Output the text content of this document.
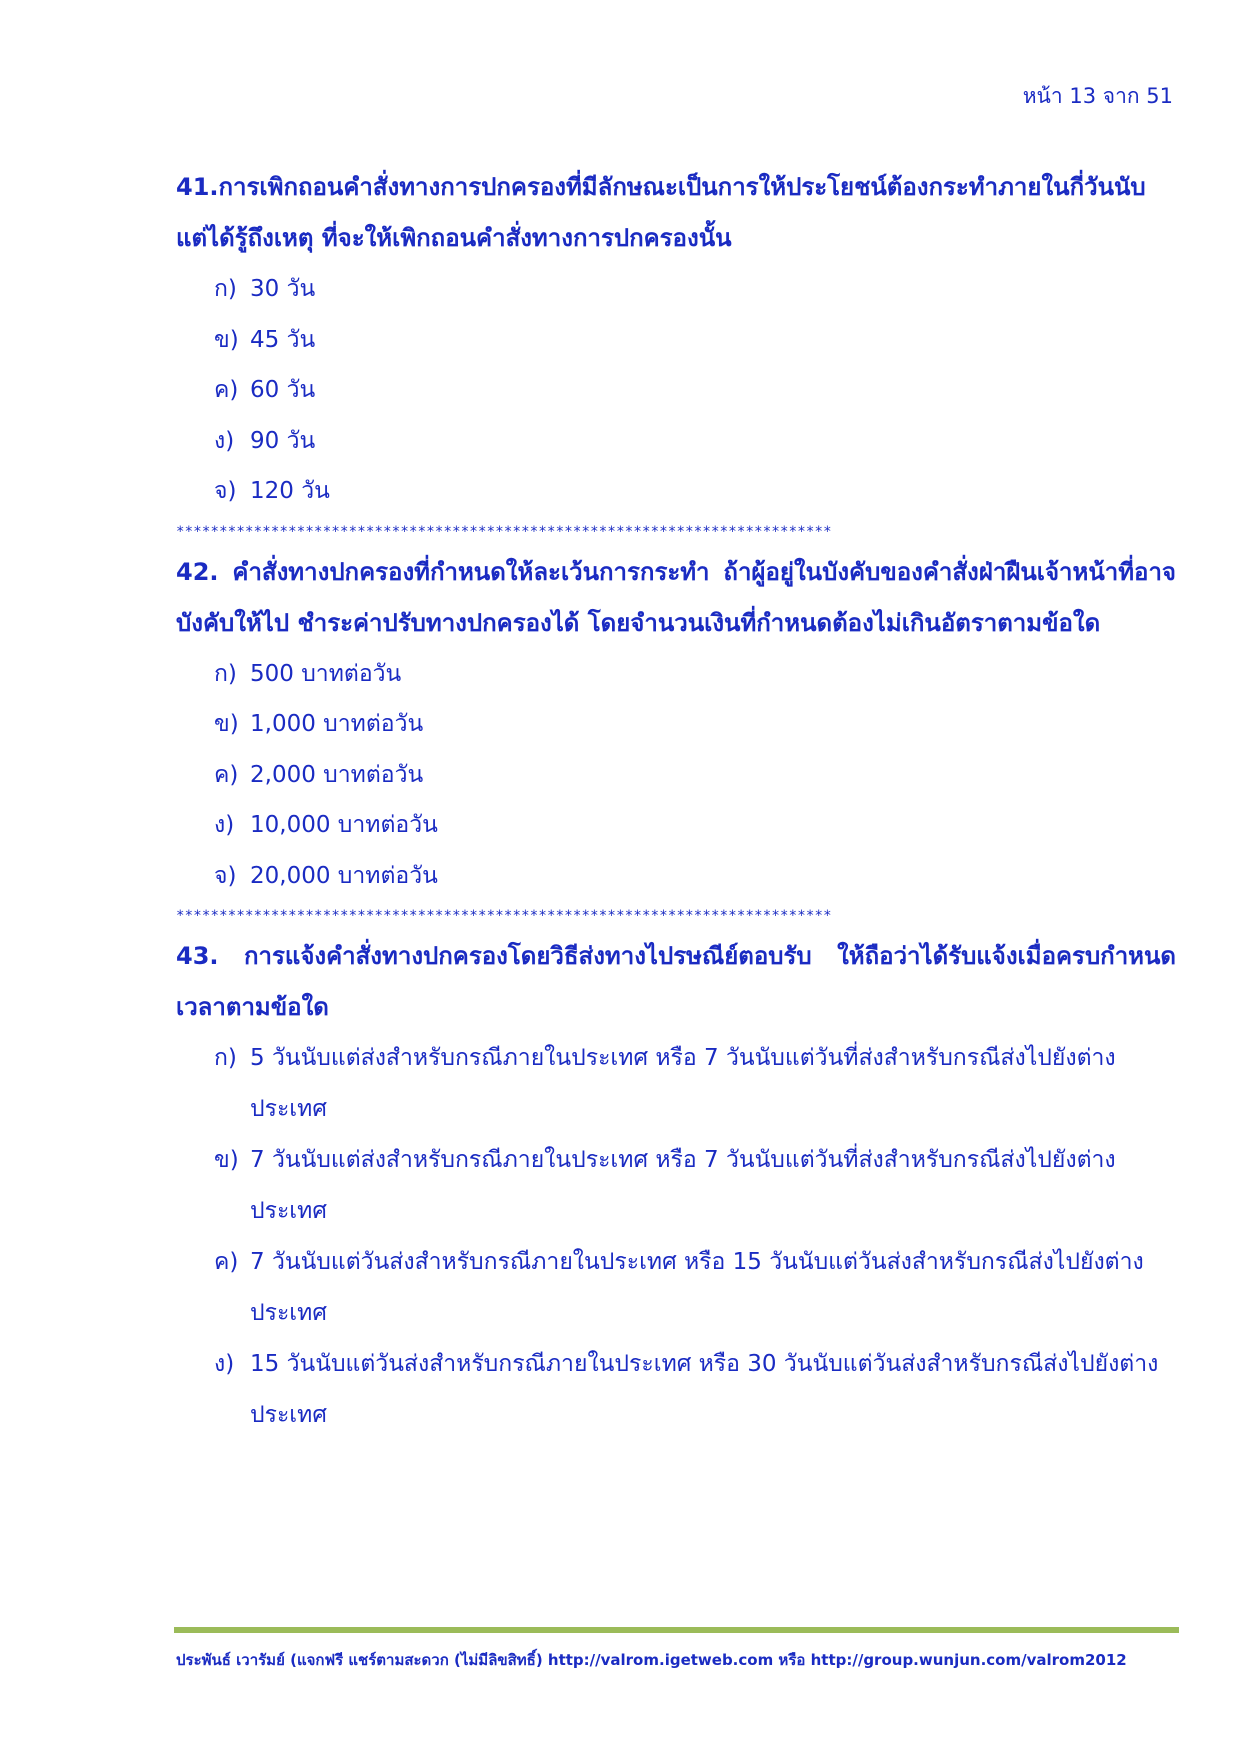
หน้า 13 จาก 51

41.การเพิกถอนคำสั่งทางการปกครองที่มีลักษณะเป็นการให้ประโยชน์ต้องกระทำภายในกี่วันนับแต่ได้รู้ถึงเหตุ ที่จะให้เพิกถอนคำสั่งทางการปกครองนั้น

ก) 30 วัน
ข) 45 วัน
ค) 60 วัน
ง) 90 วัน
จ) 120 วัน
****************************************************************************

42. คำสั่งทางปกครองที่กำหนดให้ละเว้นการกระทำ ถ้าผู้อยู่ในบังคับของคำสั่งฝ่าฝืนเจ้าหน้าที่อาจบังคับให้ไป ชำระค่าปรับทางปกครองได้ โดยจำนวนเงินที่กำหนดต้องไม่เกินอัตราตามข้อใด

ก) 500 บาทต่อวัน
ข) 1,000 บาทต่อวัน
ค) 2,000 บาทต่อวัน
ง) 10,000 บาทต่อวัน
จ) 20,000 บาทต่อวัน
****************************************************************************

43. การแจ้งคำสั่งทางปกครองโดยวิธีส่งทางไปรษณีย์ตอบรับ ให้ถือว่าได้รับแจ้งเมื่อครบกำหนดเวลาตามข้อใด

ก) 5 วันนับแต่ส่งสำหรับกรณีภายในประเทศ หรือ 7 วันนับแต่วันที่ส่งสำหรับกรณีส่งไปยังต่างประเทศ
ข) 7 วันนับแต่ส่งสำหรับกรณีภายในประเทศ หรือ 7 วันนับแต่วันที่ส่งสำหรับกรณีส่งไปยังต่างประเทศ
ค) 7 วันนับแต่วันส่งสำหรับกรณีภายในประเทศ หรือ 15 วันนับแต่วันส่งสำหรับกรณีส่งไปยังต่างประเทศ
ง) 15 วันนับแต่วันส่งสำหรับกรณีภายในประเทศ หรือ 30 วันนับแต่วันส่งสำหรับกรณีส่งไปยังต่างประเทศ
ประพันธ์ เวารัมย์ (แจกฟรี แชร์ตามสะดวก (ไม่มีลิขสิทธิ์) http://valrom.igetweb.com หรือ http://group.wunjun.com/valrom2012
